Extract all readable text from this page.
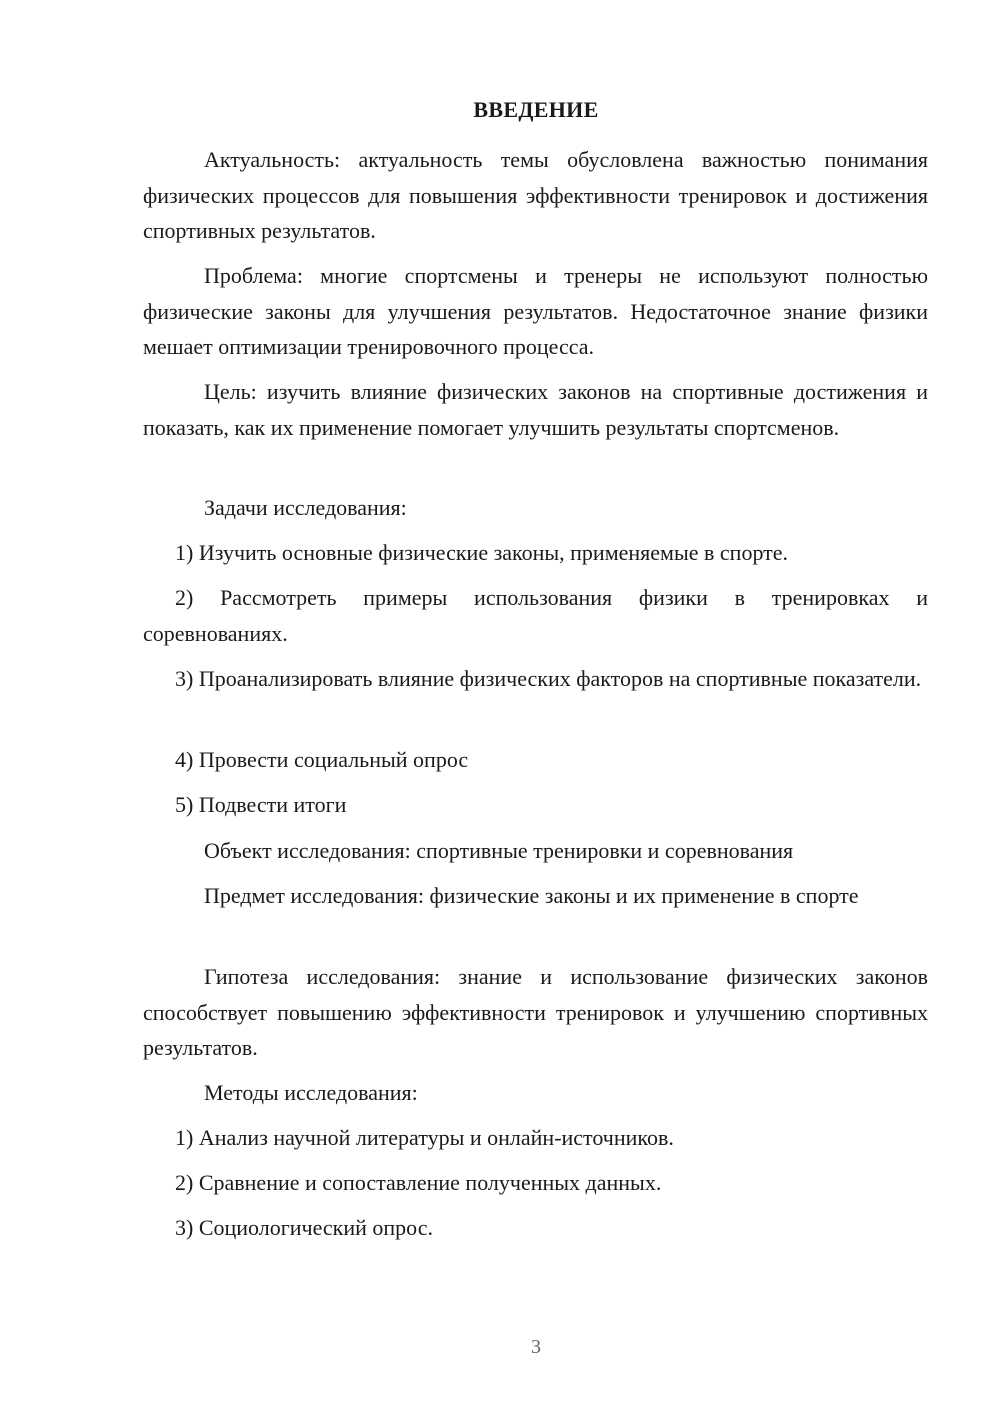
ВВЕДЕНИЕ

Актуальность: актуальность темы обусловлена важностью понимания физических процессов для повышения эффективности тренировок и достижения спортивных результатов.

Проблема: многие спортсмены и тренеры не используют полностью физические законы для улучшения результатов. Недостаточное знание физики мешает оптимизации тренировочного процесса.

Цель: изучить влияние физических законов на спортивные достижения и показать, как их применение помогает улучшить результаты спортсменов.

Задачи исследования:

1) Изучить основные физические законы, применяемые в спорте.

2) Рассмотреть примеры использования физики в тренировках и соревнованиях.

3) Проанализировать влияние физических факторов на спортивные показатели.

4) Провести социальный опрос

5) Подвести итоги

Объект исследования: спортивные тренировки и соревнования

Предмет исследования: физические законы и их применение в спорте

Гипотеза исследования: знание и использование физических законов способствует повышению эффективности тренировок и улучшению спортивных результатов.

Методы исследования:

1) Анализ научной литературы и онлайн-источников.

2) Сравнение и сопоставление полученных данных.

3) Социологический опрос.

3
